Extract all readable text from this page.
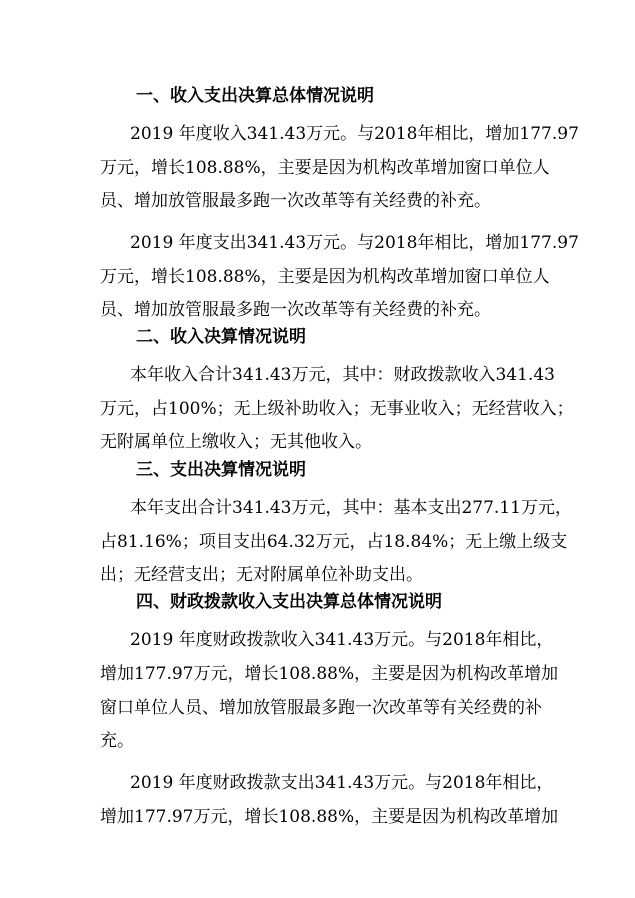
一、收入支出决算总体情况说明

2019 年度收入341.43万元。与2018年相比，增加177.97

万元，增长108.88%，主要是因为机构改革增加窗口单位人

员、增加放管服最多跑一次改革等有关经费的补充。

2019 年度支出341.43万元。与2018年相比，增加177.97

万元，增长108.88%，主要是因为机构改革增加窗口单位人

员、增加放管服最多跑一次改革等有关经费的补充。

二、收入决算情况说明

本年收入合计341.43万元，其中：财政拨款收入341.43

万元，占100%；无上级补助收入；无事业收入；无经营收入；

无附属单位上缴收入；无其他收入。

三、支出决算情况说明

本年支出合计341.43万元，其中：基本支出277.11万元，

占81.16%；项目支出64.32万元，占18.84%；无上缴上级支

出；无经营支出；无对附属单位补助支出。

四、财政拨款收入支出决算总体情况说明

2019 年度财政拨款收入341.43万元。与2018年相比，

增加177.97万元，增长108.88%，主要是因为机构改革增加

窗口单位人员、增加放管服最多跑一次改革等有关经费的补

充。

2019 年度财政拨款支出341.43万元。与2018年相比，

增加177.97万元，增长108.88%，主要是因为机构改革增加
